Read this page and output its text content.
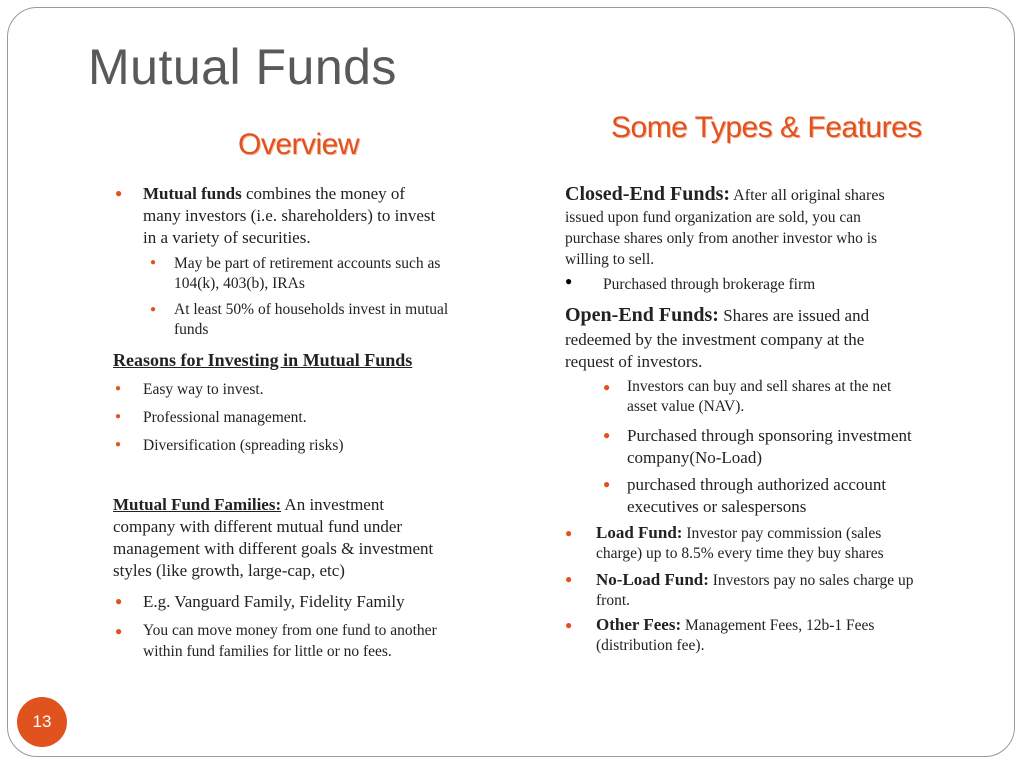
Mutual Funds
Overview
Some Types & Features
● Mutual funds combines the money of
many investors (i.e. shareholders) to invest
in a variety of securities.
● May be part of retirement accounts such as
104(k), 403(b), IRAs
● At least 50% of households invest in mutual
funds
Reasons for Investing in Mutual Funds
● Easy way to invest.
● Professional management.
● Diversification (spreading risks)
Mutual Fund Families: An investment
company with different mutual fund under
management with different goals & investment
styles (like growth, large-cap, etc)
● E.g. Vanguard Family, Fidelity Family
● You can move money from one fund to another
within fund families for little or no fees.
Closed-End Funds: After all original shares
issued upon fund organization are sold, you can
purchase shares only from another investor who is
willing to sell.
● Purchased through brokerage firm
Open-End Funds: Shares are issued and
redeemed by the investment company at the
request of investors.
● Investors can buy and sell shares at the net
asset value (NAV).
● Purchased through sponsoring investment
company(No-Load)
● purchased through authorized account
executives or salespersons
● Load Fund: Investor pay commission (sales
charge) up to 8.5% every time they buy shares
● No-Load Fund: Investors pay no sales charge up
front.
● Other Fees: Management Fees, 12b-1 Fees
(distribution fee).
13
